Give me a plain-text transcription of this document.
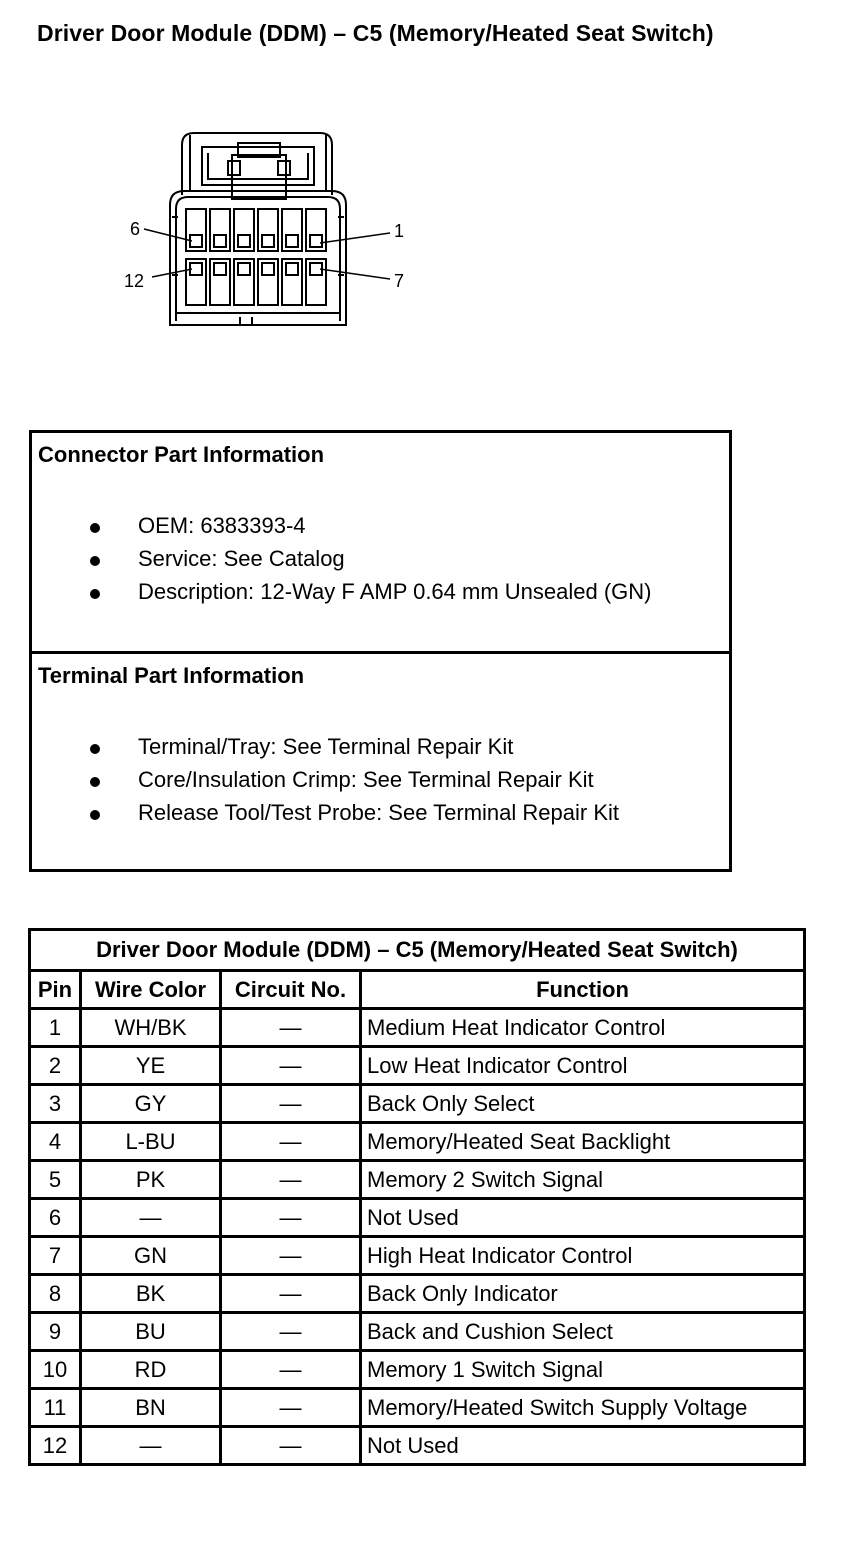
Driver Door Module (DDM) – C5 (Memory/Heated Seat Switch)
6	1
12	7
Connector Part Information
OEM: 6383393-4
Service: See Catalog
Description: 12-Way F AMP 0.64 mm Unsealed (GN)
Terminal Part Information
Terminal/Tray: See Terminal Repair Kit
Core/Insulation Crimp: See Terminal Repair Kit
Release Tool/Test Probe: See Terminal Repair Kit
Driver Door Module (DDM) – C5 (Memory/Heated Seat Switch)			
Pin	Wire Color	Circuit No.	Function
1	WH/BK	—	Medium Heat Indicator Control
2	YE	—	Low Heat Indicator Control
3	GY	—	Back Only Select
4	L-BU	—	Memory/Heated Seat Backlight
5	PK	—	Memory 2 Switch Signal
6	—	—	Not Used
7	GN	—	High Heat Indicator Control
8	BK	—	Back Only Indicator
9	BU	—	Back and Cushion Select
10	RD	—	Memory 1 Switch Signal
11	BN	—	Memory/Heated Switch Supply Voltage
12	—	—	Not Used
